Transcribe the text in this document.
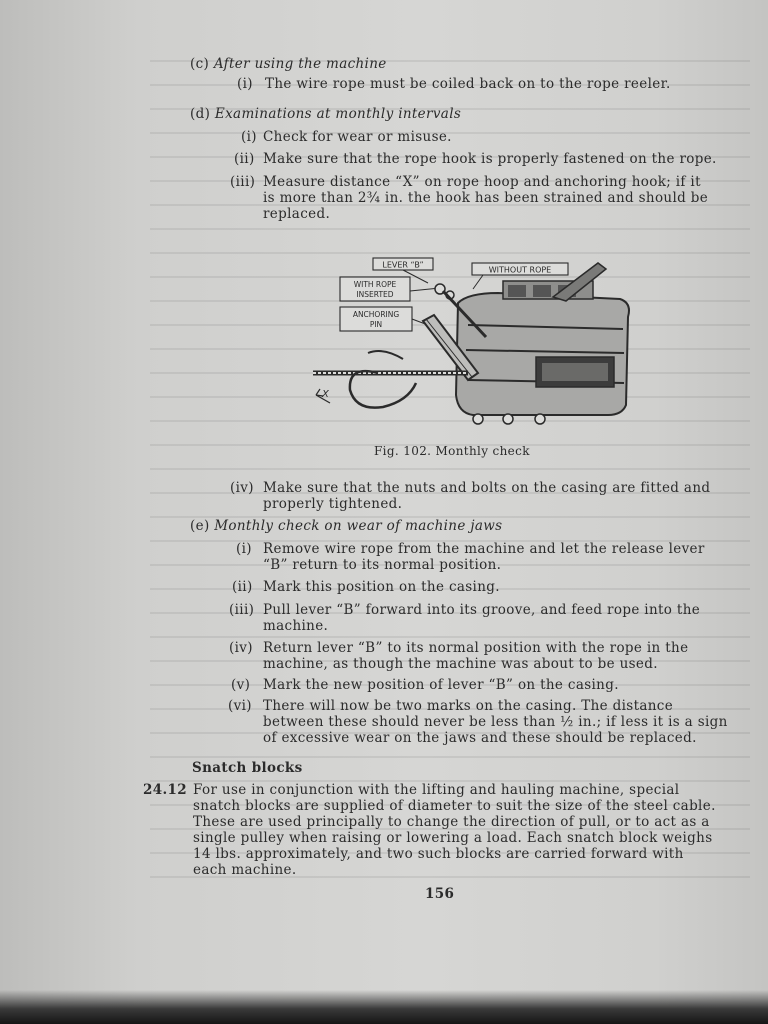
(c) After using the machine
(i) The wire rope must be coiled back on to the rope reeler.
(d) Examinations at monthly intervals
(i) Check for wear or misuse.
(ii) Make sure that the rope hook is properly fastened on the rope.
(iii) Measure distance “X” on rope hoop and anchoring hook; if it
is more than 2¾ in. the hook has been strained and should be
replaced.
LEVER “B”
WITHOUT ROPE
WITH ROPE
INSERTED
ANCHORING
PIN
X
Fig. 102. Monthly check
(iv) Make sure that the nuts and bolts on the casing are fitted and
properly tightened.
(e) Monthly check on wear of machine jaws
(i) Remove wire rope from the machine and let the release lever
“B” return to its normal position.
(ii) Mark this position on the casing.
(iii) Pull lever “B” forward into its groove, and feed rope into the
machine.
(iv) Return lever “B” to its normal position with the rope in the
machine, as though the machine was about to be used.
(v) Mark the new position of lever “B” on the casing.
(vi) There will now be two marks on the casing. The distance
between these should never be less than ½ in.; if less it is a sign
of excessive wear on the jaws and these should be replaced.
Snatch blocks
24.12 For use in conjunction with the lifting and hauling machine, special
snatch blocks are supplied of diameter to suit the size of the steel cable.
These are used principally to change the direction of pull, or to act as a
single pulley when raising or lowering a load. Each snatch block weighs
14 lbs. approximately, and two such blocks are carried forward with
each machine.
156
